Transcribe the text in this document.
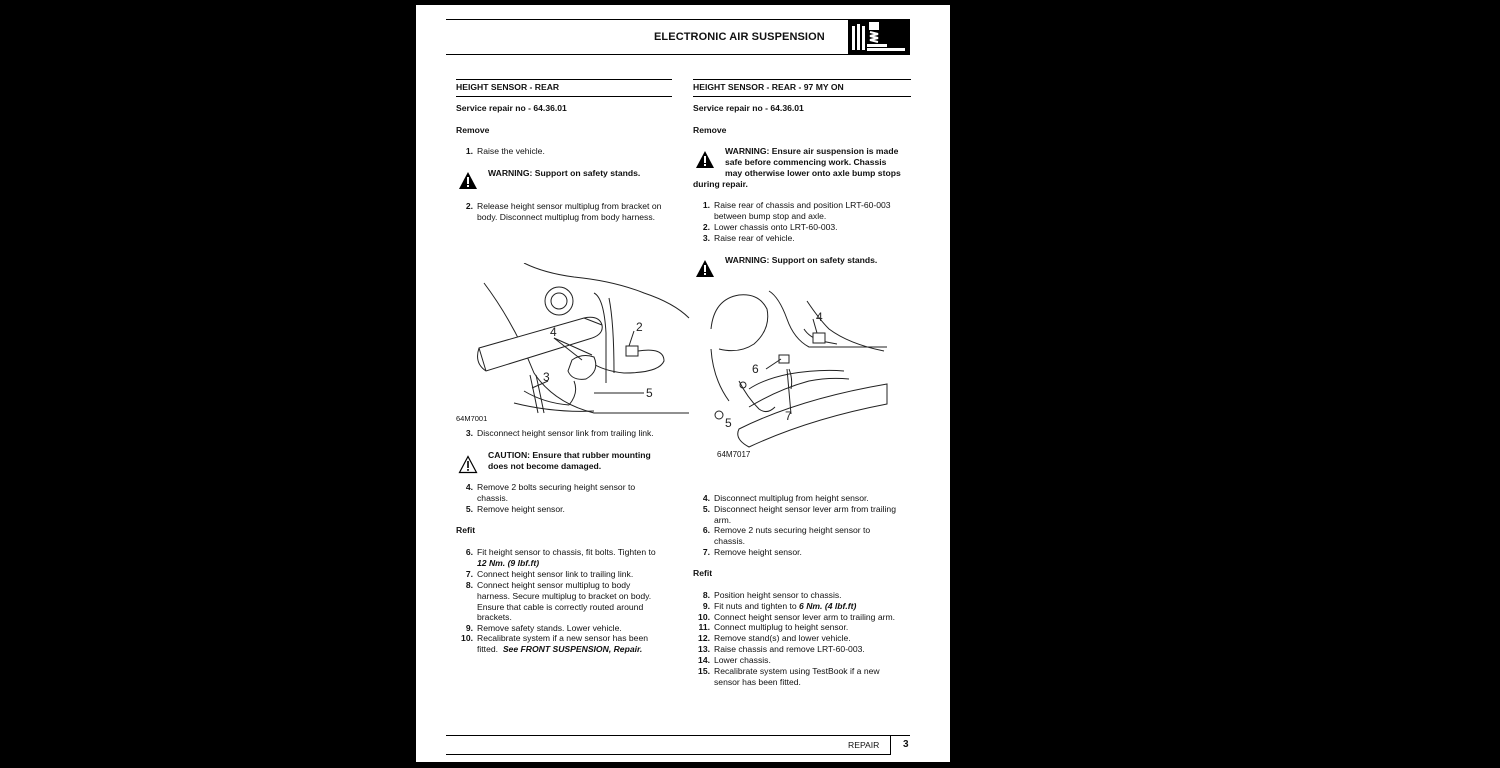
ELECTRONIC AIR SUSPENSION
HEIGHT SENSOR - REAR
Service repair no - 64.36.01
Remove
1. Raise the vehicle.
WARNING: Support on safety stands.
2. Release height sensor multiplug from bracket on
body. Disconnect multiplug from body harness.
2
4
3
5
64M7001
3. Disconnect height sensor link from trailing link.
CAUTION: Ensure that rubber mounting
does not become damaged.
4. Remove 2 bolts securing height sensor to
chassis.
5. Remove height sensor.
Refit
6. Fit height sensor to chassis, fit bolts. Tighten to
12 Nm. (9 lbf.ft)
7. Connect height sensor link to trailing link.
8. Connect height sensor multiplug to body
harness. Secure multiplug to bracket on body.
Ensure that cable is correctly routed around
brackets.
9. Remove safety stands. Lower vehicle.
10. Recalibrate system if a new sensor has been
fitted. See FRONT SUSPENSION, Repair.
HEIGHT SENSOR - REAR - 97 MY ON
Service repair no - 64.36.01
Remove
WARNING: Ensure air suspension is made
safe before commencing work. Chassis
may otherwise lower onto axle bump stops
during repair.
1. Raise rear of chassis and position LRT-60-003
between bump stop and axle.
2. Lower chassis onto LRT-60-003.
3. Raise rear of vehicle.
WARNING: Support on safety stands.
4
6
7
5
64M7017
4. Disconnect multiplug from height sensor.
5. Disconnect height sensor lever arm from trailing
arm.
6. Remove 2 nuts securing height sensor to
chassis.
7. Remove height sensor.
Refit
8. Position height sensor to chassis.
9. Fit nuts and tighten to 6 Nm. (4 lbf.ft)
10. Connect height sensor lever arm to trailing arm.
11. Connect multiplug to height sensor.
12. Remove stand(s) and lower vehicle.
13. Raise chassis and remove LRT-60-003.
14. Lower chassis.
15. Recalibrate system using TestBook if a new
sensor has been fitted.
REPAIR 3
